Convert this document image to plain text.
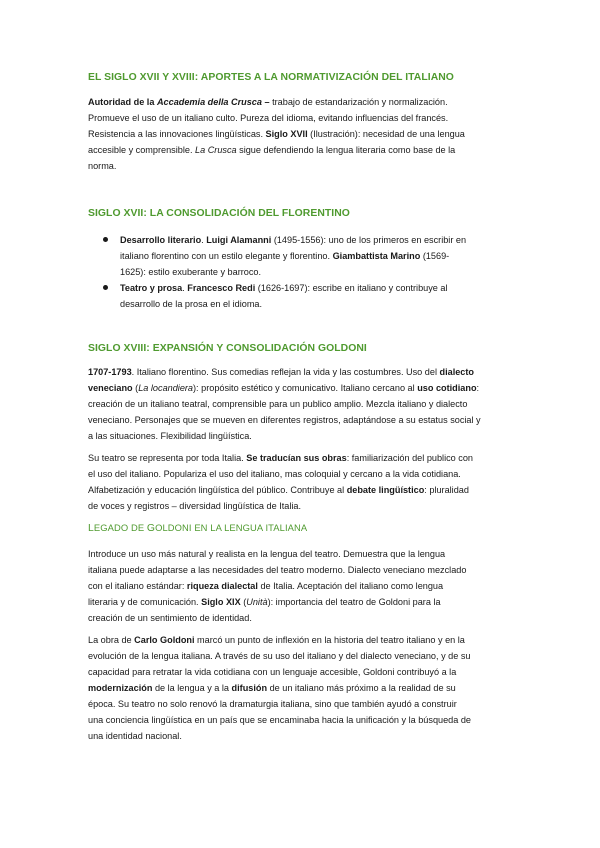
EL SIGLO XVII Y XVIII: APORTES A LA NORMATIVIZACIÓN DEL ITALIANO
Autoridad de la Accademia della Crusca – trabajo de estandarización y normalización.
Promueve el uso de un italiano culto. Pureza del idioma, evitando influencias del francés.
Resistencia a las innovaciones lingüísticas. Siglo XVII (Ilustración): necesidad de una lengua
accesible y comprensible. La Crusca sigue defendiendo la lengua literaria como base de la
norma.
SIGLO XVII: LA CONSOLIDACIÓN DEL FLORENTINO
Desarrollo literario. Luigi Alamanni (1495-1556): uno de los primeros en escribir en
italiano florentino con un estilo elegante y florentino. Giambattista Marino (1569-
1625): estilo exuberante y barroco.
Teatro y prosa. Francesco Redi (1626-1697): escribe en italiano y contribuye al
desarrollo de la prosa en el idioma.
SIGLO XVIII: EXPANSIÓN Y CONSOLIDACIÓN GOLDONI
1707-1793. Italiano florentino. Sus comedias reflejan la vida y las costumbres. Uso del dialecto
veneciano (La locandiera): propósito estético y comunicativo. Italiano cercano al uso cotidiano:
creación de un italiano teatral, comprensible para un publico amplio. Mezcla italiano y dialecto
veneciano. Personajes que se mueven en diferentes registros, adaptándose a su estatus social y
a las situaciones. Flexibilidad lingüística.
Su teatro se representa por toda Italia. Se traducían sus obras: familiarización del publico con
el uso del italiano. Populariza el uso del italiano, mas coloquial y cercano a la vida cotidiana.
Alfabetización y educación lingüística del público. Contribuye al debate lingüístico: pluralidad
de voces y registros – diversidad lingüística de Italia.
LEGADO DE GOLDONI EN LA LENGUA ITALIANA
Introduce un uso más natural y realista en la lengua del teatro. Demuestra que la lengua
italiana puede adaptarse a las necesidades del teatro moderno. Dialecto veneciano mezclado
con el italiano estándar: riqueza dialectal de Italia. Aceptación del italiano como lengua
literaria y de comunicación. Siglo XIX (Unità): importancia del teatro de Goldoni para la
creación de un sentimiento de identidad.
La obra de Carlo Goldoni marcó un punto de inflexión en la historia del teatro italiano y en la
evolución de la lengua italiana. A través de su uso del italiano y del dialecto veneciano, y de su
capacidad para retratar la vida cotidiana con un lenguaje accesible, Goldoni contribuyó a la
modernización de la lengua y a la difusión de un italiano más próximo a la realidad de su
época. Su teatro no solo renovó la dramaturgia italiana, sino que también ayudó a construir
una conciencia lingüística en un país que se encaminaba hacia la unificación y la búsqueda de
una identidad nacional.
